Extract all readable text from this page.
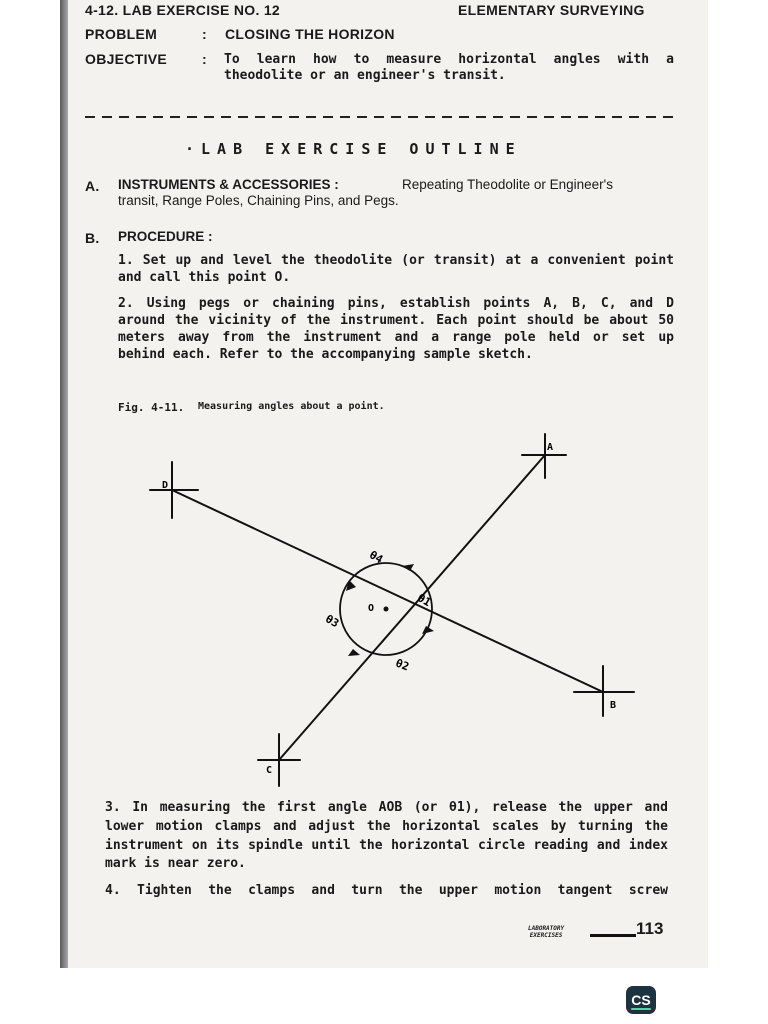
4-12. LAB EXERCISE NO. 12	ELEMENTARY SURVEYING
PROBLEM	: CLOSING THE HORIZON
OBJECTIVE : To learn how to measure horizontal angles with a
theodolite or an engineer's transit.
·LAB EXERCISE OUTLINE
A. INSTRUMENTS & ACCESSORIES :	Repeating Theodolite or Engineer's
transit, Range Poles, Chaining Pins, and Pegs.
B. PROCEDURE :
1. Set up and level the theodolite (or transit) at a convenient point
and call this point O.
2. Using pegs or chaining pins, establish points A, B, C, and D
around the vicinity of the instrument. Each point should be about 50
meters away from the instrument and a range pole held or set up
behind each. Refer to the accompanying sample sketch.
Fig. 4-11. Measuring angles about a point.
D
A
B
C
O
θ4
θ1
θ3
θ2
3. In measuring the first angle AOB (or θ1), release the upper and
lower motion clamps and adjust the horizontal scales by turning the
instrument on its spindle until the horizontal circle reading and index
mark is near zero.
4. Tighten the clamps and turn the upper motion tangent screw
LABORATORY
EXERCISES	113
CS
